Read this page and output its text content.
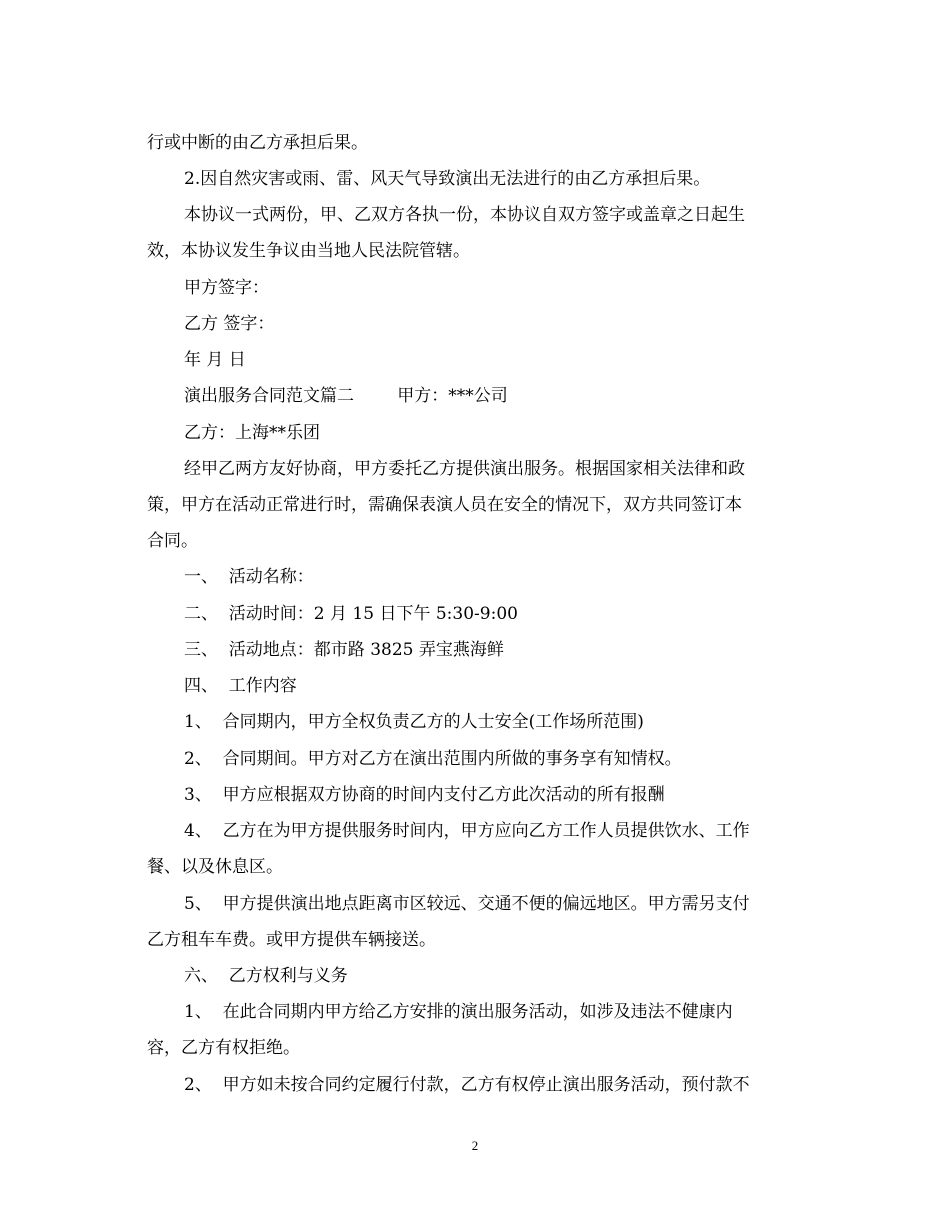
行或中断的由乙方承担后果。
2.因自然灾害或雨、雷、风天气导致演出无法进行的由乙方承担后果。
本协议一式两份，甲、乙双方各执一份，本协议自双方签字或盖章之日起生
效，本协议发生争议由当地人民法院管辖。
甲方签字：
乙方 签字：
年 月 日
演出服务合同范文篇二        甲方：***公司
乙方：上海**乐团
经甲乙两方友好协商，甲方委托乙方提供演出服务。根据国家相关法律和政
策，甲方在活动正常进行时，需确保表演人员在安全的情况下，双方共同签订本
合同。
一、  活动名称：
二、  活动时间：2 月 15 日下午 5:30-9:00
三、  活动地点：都市路 3825 弄宝燕海鲜
四、  工作内容
1、  合同期内，甲方全权负责乙方的人士安全(工作场所范围)
2、  合同期间。甲方对乙方在演出范围内所做的事务享有知情权。
3、  甲方应根据双方协商的时间内支付乙方此次活动的所有报酬
4、  乙方在为甲方提供服务时间内，甲方应向乙方工作人员提供饮水、工作
餐、以及休息区。
5、  甲方提供演出地点距离市区较远、交通不便的偏远地区。甲方需另支付
乙方租车车费。或甲方提供车辆接送。
六、  乙方权利与义务
1、  在此合同期内甲方给乙方安排的演出服务活动，如涉及违法不健康内
容，乙方有权拒绝。
2、  甲方如未按合同约定履行付款，乙方有权停止演出服务活动，预付款不
2
